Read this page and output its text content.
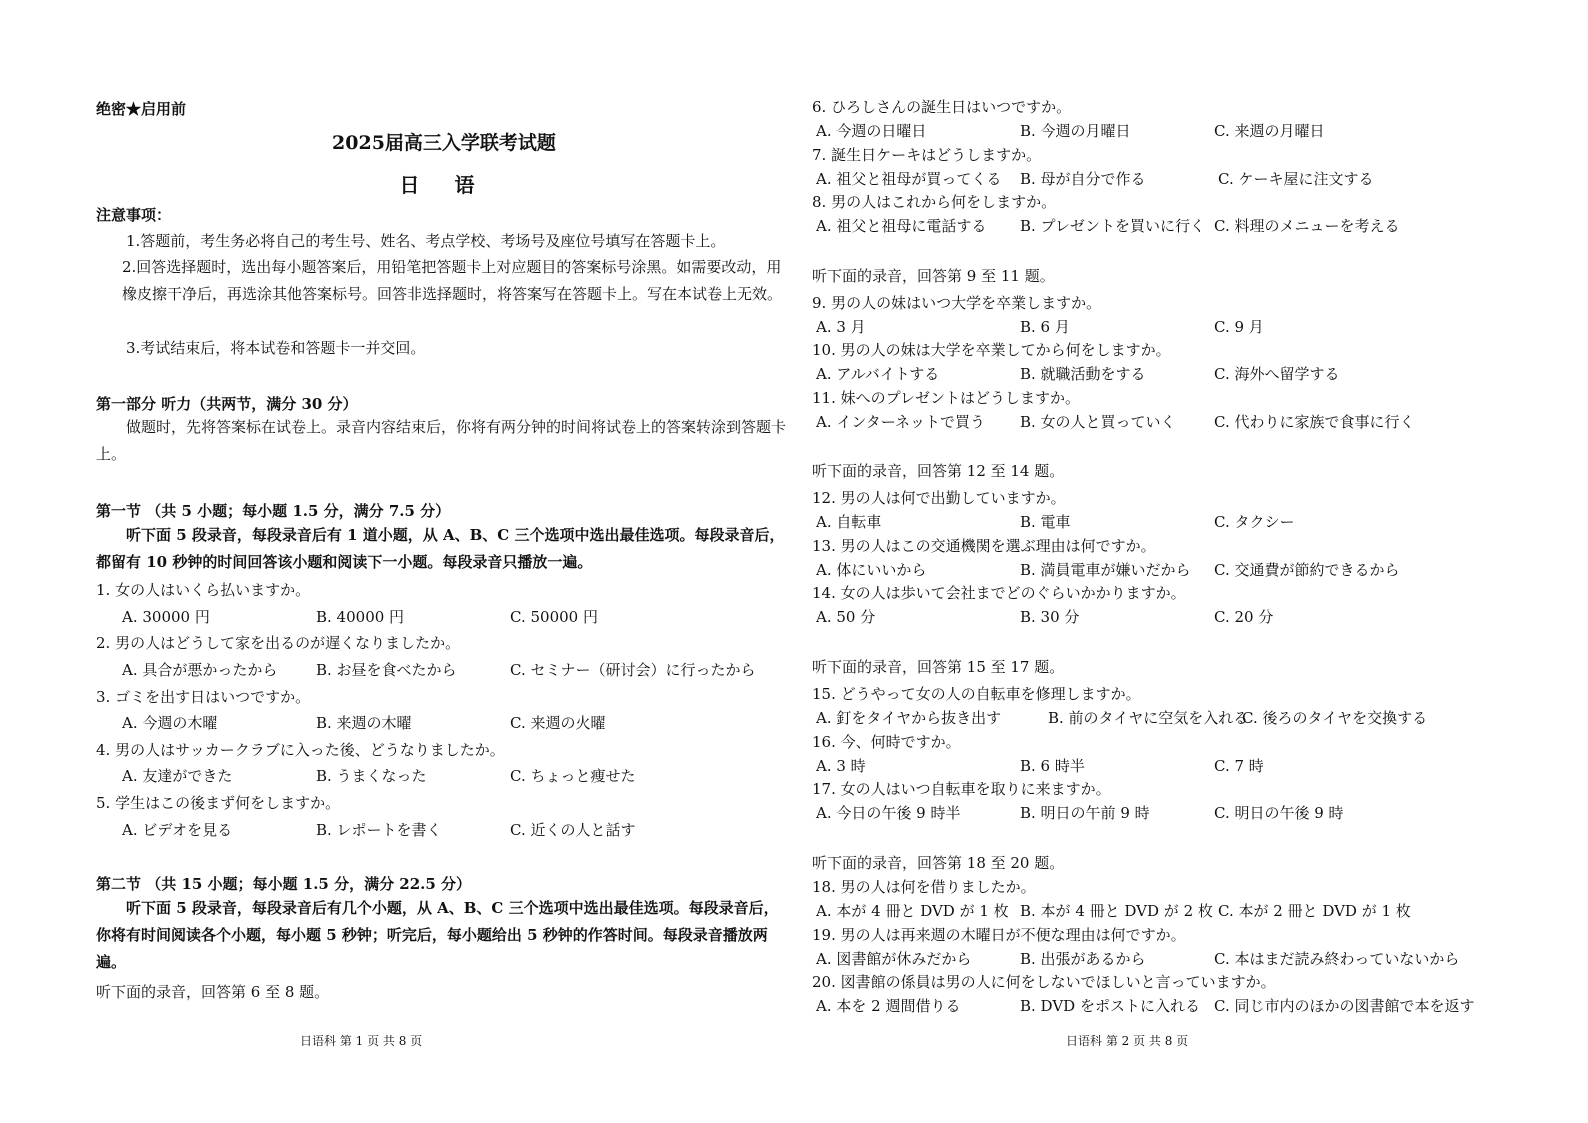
绝密★启用前
2025届高三入学联考试题
日 语
注意事项：
1.答题前，考生务必将自己的考生号、姓名、考点学校、考场号及座位号填写在答题卡上。
2.回答选择题时，选出每小题答案后，用铅笔把答题卡上对应题目的答案标号涂黑。如需要改动，用橡皮擦干净后，再选涂其他答案标号。回答非选择题时，将答案写在答题卡上。写在本试卷上无效。
3.考试结束后，将本试卷和答题卡一并交回。
第一部分 听力（共两节，满分 30 分）
做题时，先将答案标在试卷上。录音内容结束后，你将有两分钟的时间将试卷上的答案转涂到答题卡上。
第一节 （共 5 小题；每小题 1.5 分，满分 7.5 分）
听下面 5 段录音，每段录音后有 1 道小题，从 A、B、C 三个选项中选出最佳选项。每段录音后，都留有 10 秒钟的时间回答该小题和阅读下一小题。每段录音只播放一遍。
1. 女の人はいくら払いますか。
A. 30000 円	B. 40000 円	C. 50000 円
2. 男の人はどうして家を出るのが遅くなりましたか。
A. 具合が悪かったから	B. お昼を食べたから	C. セミナー（研讨会）に行ったから
3. ゴミを出す日はいつですか。
A. 今週の木曜	B. 来週の木曜	C. 来週の火曜
4. 男の人はサッカークラブに入った後、どうなりましたか。
A. 友達ができた	B. うまくなった	C. ちょっと痩せた
5. 学生はこの後まず何をしますか。
A. ビデオを見る	B. レポートを書く	C. 近くの人と話す
第二节 （共 15 小题；每小题 1.5 分，满分 22.5 分）
听下面 5 段录音，每段录音后有几个小题，从 A、B、C 三个选项中选出最佳选项。每段录音后，你将有时间阅读各个小题，每小题 5 秒钟；听完后，每小题给出 5 秒钟的作答时间。每段录音播放两遍。
听下面的录音，回答第 6 至 8 题。
日语科 第 1 页 共 8 页
6. ひろしさんの誕生日はいつですか。
A. 今週の日曜日	B. 今週の月曜日	C. 来週の月曜日
7. 誕生日ケーキはどうしますか。
A. 祖父と祖母が買ってくる B. 母が自分で作る	C. ケーキ屋に注文する
8. 男の人はこれから何をしますか。
A. 祖父と祖母に電話する B. プレゼントを買いに行く C. 料理のメニューを考える
听下面的录音，回答第 9 至 11 题。
9. 男の人の妹はいつ大学を卒業しますか。
A. 3 月	B. 6 月	C. 9 月
10. 男の人の妹は大学を卒業してから何をしますか。
A. アルバイトする	B. 就職活動をする	C. 海外へ留学する
11. 妹へのプレゼントはどうしますか。
A. インターネットで買う B. 女の人と買っていく	C. 代わりに家族で食事に行く
听下面的录音，回答第 12 至 14 题。
12. 男の人は何で出勤していますか。
A. 自転車	B. 電車	C. タクシー
13. 男の人はこの交通機関を選ぶ理由は何ですか。
A. 体にいいから	B. 満員電車が嫌いだから C. 交通費が節約できるから
14. 女の人は歩いて会社までどのぐらいかかりますか。
A. 50 分	B. 30 分	C. 20 分
听下面的录音，回答第 15 至 17 题。
15. どうやって女の人の自転車を修理しますか。
A. 釘をタイヤから抜き出す	B. 前のタイヤに空気を入れる
C. 後ろのタイヤを交換する
16. 今、何時ですか。
A. 3 時	B. 6 時半	C. 7 時
17. 女の人はいつ自転車を取りに来ますか。
A. 今日の午後 9 時半	B. 明日の午前 9 時	C. 明日の午後 9 時
听下面的录音，回答第 18 至 20 题。
18. 男の人は何を借りましたか。
A. 本が 4 冊と DVD が 1 枚 B. 本が 4 冊と DVD が 2 枚 C. 本が 2 冊と DVD が 1 枚
19. 男の人は再来週の木曜日が不便な理由は何ですか。
A. 図書館が休みだから	B. 出張があるから	C. 本はまだ読み終わっていないから
20. 図書館の係員は男の人に何をしないでほしいと言っていますか。
A. 本を 2 週間借りる	B. DVD をポストに入れる C. 同じ市内のほかの図書館で本を返す
日语科 第 2 页 共 8 页
